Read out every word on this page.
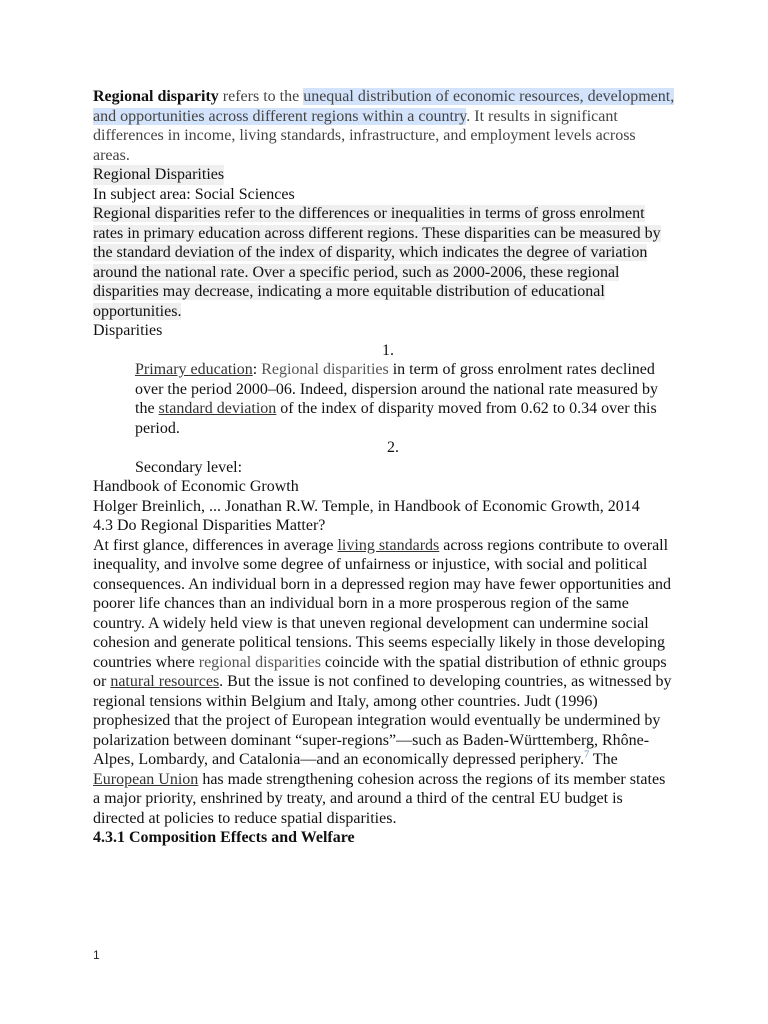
Regional disparity refers to the unequal distribution of economic resources, development, and opportunities across different regions within a country. It results in significant differences in income, living standards, infrastructure, and employment levels across areas.

Regional Disparities

In subject area: Social Sciences

Regional disparities refer to the differences or inequalities in terms of gross enrolment rates in primary education across different regions. These disparities can be measured by the standard deviation of the index of disparity, which indicates the degree of variation around the national rate. Over a specific period, such as 2000-2006, these regional disparities may decrease, indicating a more equitable distribution of educational opportunities.

Disparities

1.

Primary education: Regional disparities in term of gross enrolment rates declined over the period 2000–06. Indeed, dispersion around the national rate measured by the standard deviation of the index of disparity moved from 0.62 to 0.34 over this period.

2.

Secondary level:

Handbook of Economic Growth

Holger Breinlich, ... Jonathan R.W. Temple, in Handbook of Economic Growth, 2014

4.3 Do Regional Disparities Matter?

At first glance, differences in average living standards across regions contribute to overall inequality, and involve some degree of unfairness or injustice, with social and political consequences. An individual born in a depressed region may have fewer opportunities and poorer life chances than an individual born in a more prosperous region of the same country. A widely held view is that uneven regional development can undermine social cohesion and generate political tensions. This seems especially likely in those developing countries where regional disparities coincide with the spatial distribution of ethnic groups or natural resources. But the issue is not confined to developing countries, as witnessed by regional tensions within Belgium and Italy, among other countries. Judt (1996) prophesized that the project of European integration would eventually be undermined by polarization between dominant “super-regions”—such as Baden-Württemberg, Rhône-Alpes, Lombardy, and Catalonia—and an economically depressed periphery.$^7$ The European Union has made strengthening cohesion across the regions of its member states a major priority, enshrined by treaty, and around a third of the central EU budget is directed at policies to reduce spatial disparities.

4.3.1 Composition Effects and Welfare

1
